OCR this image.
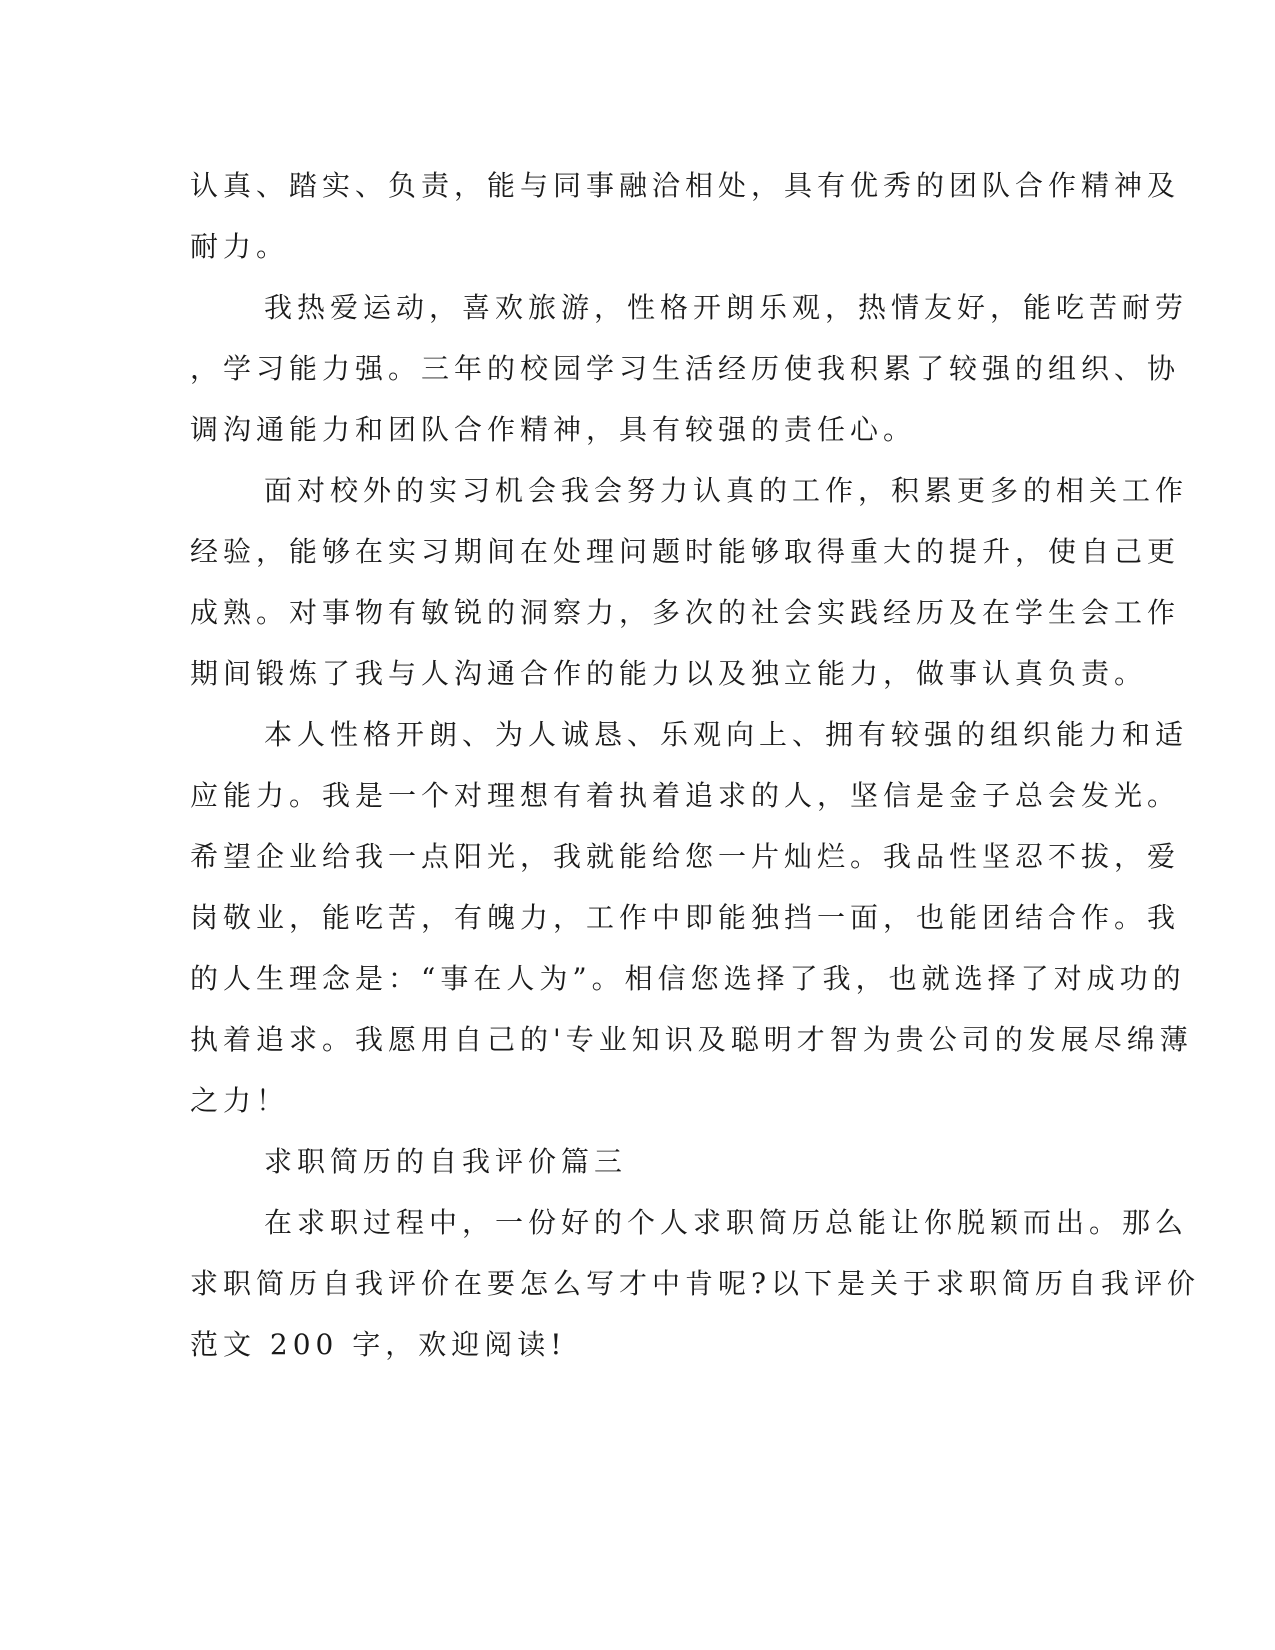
认真、踏实、负责，能与同事融洽相处，具有优秀的团队合作精神及
耐力。
我热爱运动，喜欢旅游，性格开朗乐观，热情友好，能吃苦耐劳
，学习能力强。三年的校园学习生活经历使我积累了较强的组织、协
调沟通能力和团队合作精神，具有较强的责任心。
面对校外的实习机会我会努力认真的工作，积累更多的相关工作
经验，能够在实习期间在处理问题时能够取得重大的提升，使自己更
成熟。对事物有敏锐的洞察力，多次的社会实践经历及在学生会工作
期间锻炼了我与人沟通合作的能力以及独立能力，做事认真负责。
本人性格开朗、为人诚恳、乐观向上、拥有较强的组织能力和适
应能力。我是一个对理想有着执着追求的人，坚信是金子总会发光。
希望企业给我一点阳光，我就能给您一片灿烂。我品性坚忍不拔，爱
岗敬业，能吃苦，有魄力，工作中即能独挡一面，也能团结合作。我
的人生理念是：“事在人为”。相信您选择了我，也就选择了对成功的
执着追求。我愿用自己的'专业知识及聪明才智为贵公司的发展尽绵薄
之力！
求职简历的自我评价篇三
在求职过程中，一份好的个人求职简历总能让你脱颖而出。那么
求职简历自我评价在要怎么写才中肯呢?以下是关于求职简历自我评价
范文 200 字，欢迎阅读!
